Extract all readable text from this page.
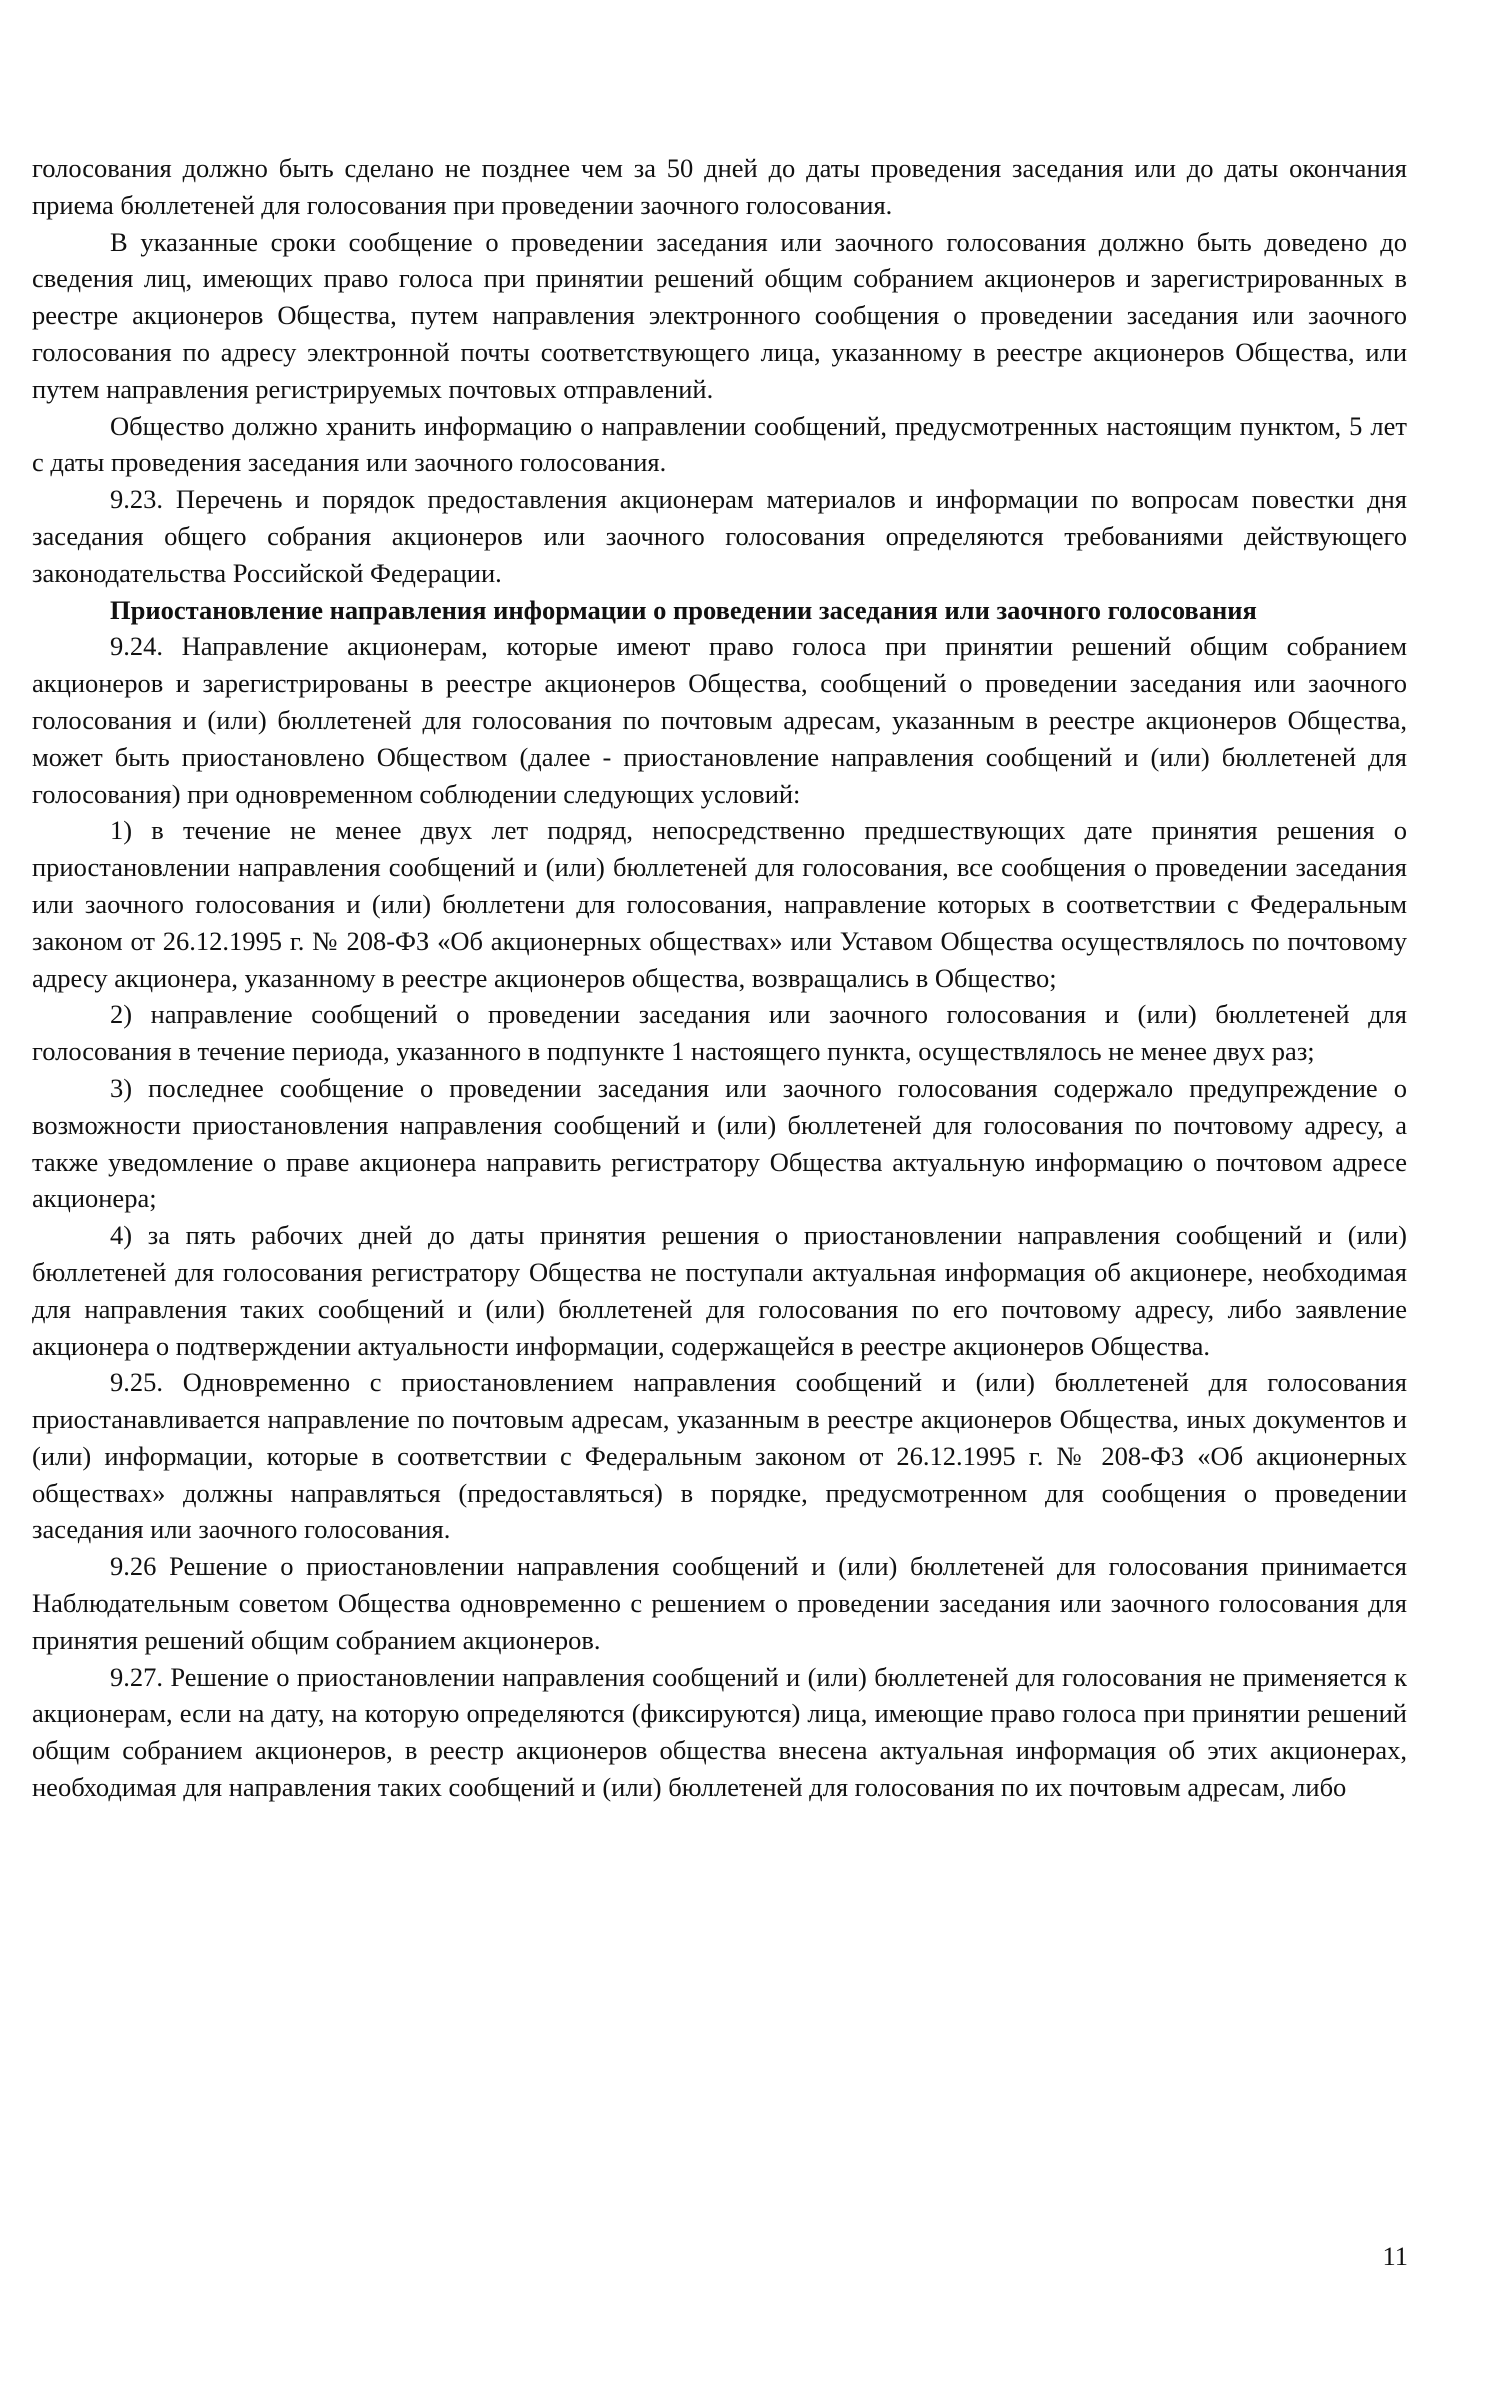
голосования должно быть сделано не позднее чем за 50 дней до даты проведения заседания или до даты окончания приема бюллетеней для голосования при проведении заочного голосования.

В указанные сроки сообщение о проведении заседания или заочного голосования должно быть доведено до сведения лиц, имеющих право голоса при принятии решений общим собранием акционеров и зарегистрированных в реестре акционеров Общества, путем направления электронного сообщения о проведении заседания или заочного голосования по адресу электронной почты соответствующего лица, указанному в реестре акционеров Общества, или путем направления регистрируемых почтовых отправлений.

Общество должно хранить информацию о направлении сообщений, предусмотренных настоящим пунктом, 5 лет с даты проведения заседания или заочного голосования.

9.23. Перечень и порядок предоставления акционерам материалов и информации по вопросам повестки дня заседания общего собрания акционеров или заочного голосования определяются требованиями действующего законодательства Российской Федерации.

Приостановление направления информации о проведении заседания или заочного голосования

9.24. Направление акционерам, которые имеют право голоса при принятии решений общим собранием акционеров и зарегистрированы в реестре акционеров Общества, сообщений о проведении заседания или заочного голосования и (или) бюллетеней для голосования по почтовым адресам, указанным в реестре акционеров Общества, может быть приостановлено Обществом (далее - приостановление направления сообщений и (или) бюллетеней для голосования) при одновременном соблюдении следующих условий:

1) в течение не менее двух лет подряд, непосредственно предшествующих дате принятия решения о приостановлении направления сообщений и (или) бюллетеней для голосования, все сообщения о проведении заседания или заочного голосования и (или) бюллетени для голосования, направление которых в соответствии с Федеральным законом от 26.12.1995 г. № 208-ФЗ «Об акционерных обществах» или Уставом Общества осуществлялось по почтовому адресу акционера, указанному в реестре акционеров общества, возвращались в Общество;

2) направление сообщений о проведении заседания или заочного голосования и (или) бюллетеней для голосования в течение периода, указанного в подпункте 1 настоящего пункта, осуществлялось не менее двух раз;

3) последнее сообщение о проведении заседания или заочного голосования содержало предупреждение о возможности приостановления направления сообщений и (или) бюллетеней для голосования по почтовому адресу, а также уведомление о праве акционера направить регистратору Общества актуальную информацию о почтовом адресе акционера;

4) за пять рабочих дней до даты принятия решения о приостановлении направления сообщений и (или) бюллетеней для голосования регистратору Общества не поступали актуальная информация об акционере, необходимая для направления таких сообщений и (или) бюллетеней для голосования по его почтовому адресу, либо заявление акционера о подтверждении актуальности информации, содержащейся в реестре акционеров Общества.

9.25. Одновременно с приостановлением направления сообщений и (или) бюллетеней для голосования приостанавливается направление по почтовым адресам, указанным в реестре акционеров Общества, иных документов и (или) информации, которые в соответствии с Федеральным законом от 26.12.1995 г. № 208-ФЗ «Об акционерных обществах» должны направляться (предоставляться) в порядке, предусмотренном для сообщения о проведении заседания или заочного голосования.

9.26 Решение о приостановлении направления сообщений и (или) бюллетеней для голосования принимается Наблюдательным советом Общества одновременно с решением о проведении заседания или заочного голосования для принятия решений общим собранием акционеров.

9.27. Решение о приостановлении направления сообщений и (или) бюллетеней для голосования не применяется к акционерам, если на дату, на которую определяются (фиксируются) лица, имеющие право голоса при принятии решений общим собранием акционеров, в реестр акционеров общества внесена актуальная информация об этих акционерах, необходимая для направления таких сообщений и (или) бюллетеней для голосования по их почтовым адресам, либо

11
